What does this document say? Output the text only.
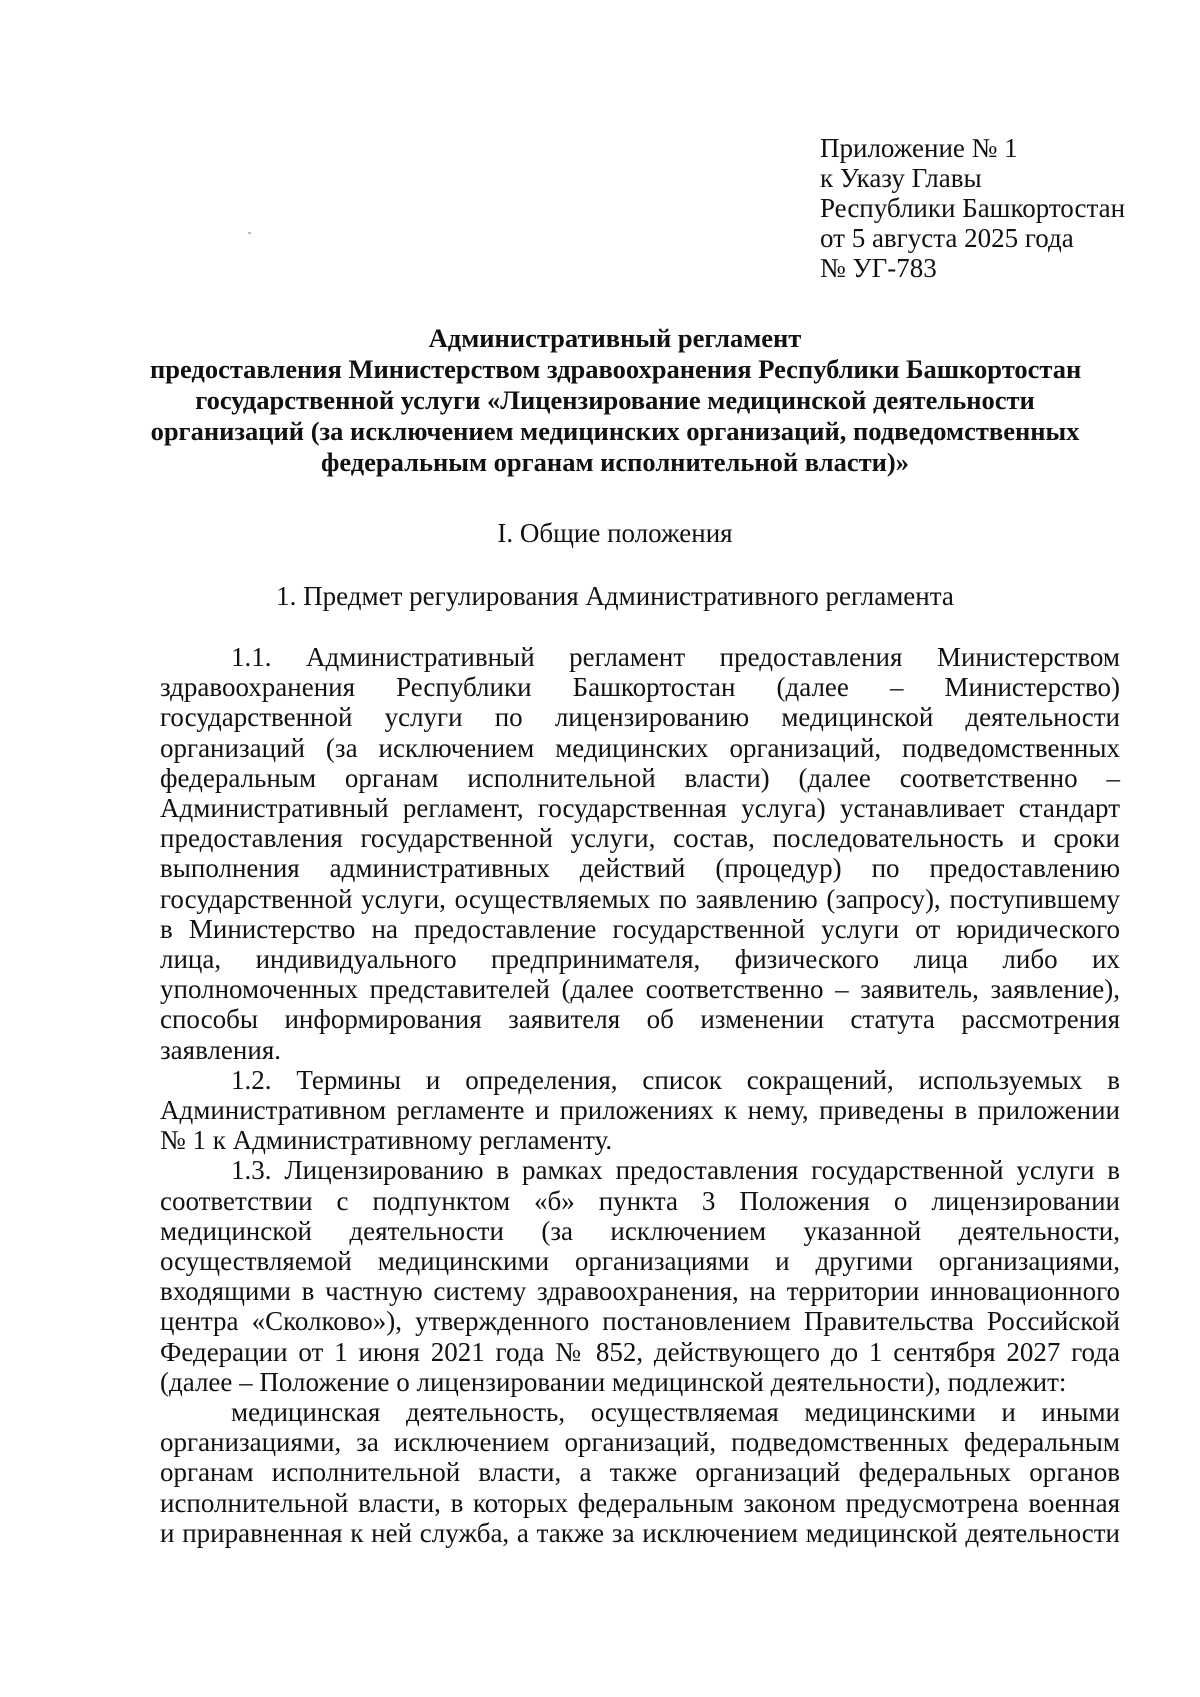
Приложение № 1
к Указу Главы
Республики Башкортостан
от 5 августа 2025 года
№ УГ-783
Административный регламент
предоставления Министерством здравоохранения Республики Башкортостан
государственной услуги «Лицензирование медицинской деятельности
организаций (за исключением медицинских организаций, подведомственных
федеральным органам исполнительной власти)»
I. Общие положения
1. Предмет регулирования Административного регламента

1.1. Административный регламент предоставления Министерством здравоохранения Республики Башкортостан (далее – Министерство) государственной услуги по лицензированию медицинской деятельности организаций (за исключением медицинских организаций, подведомственных федеральным органам исполнительной власти) (далее соответственно – Административный регламент, государственная услуга) устанавливает стандарт предоставления государственной услуги, состав, последовательность и сроки выполнения административных действий (процедур) по предоставлению государственной услуги, осуществляемых по заявлению (запросу), поступившему в Министерство на предоставление государственной услуги от юридического лица, индивидуального предпринимателя, физического лица либо их уполномоченных представителей (далее соответственно – заявитель, заявление), способы информирования заявителя об изменении статута рассмотрения заявления.

1.2. Термины и определения, список сокращений, используемых в Административном регламенте и приложениях к нему, приведены в приложении № 1 к Административному регламенту.

1.3. Лицензированию в рамках предоставления государственной услуги в соответствии с подпунктом «б» пункта 3 Положения о лицензировании медицинской деятельности (за исключением указанной деятельности, осуществляемой медицинскими организациями и другими организациями, входящими в частную систему здравоохранения, на территории инновационного центра «Сколково»), утвержденного постановлением Правительства Российской Федерации от 1 июня 2021 года № 852, действующего до 1 сентября 2027 года (далее – Положение о лицензировании медицинской деятельности), подлежит:

медицинская деятельность, осуществляемая медицинскими и иными организациями, за исключением организаций, подведомственных федеральным органам исполнительной власти, а также организаций федеральных органов исполнительной власти, в которых федеральным законом предусмотрена военная и приравненная к ней служба, а также за исключением медицинской деятельности
